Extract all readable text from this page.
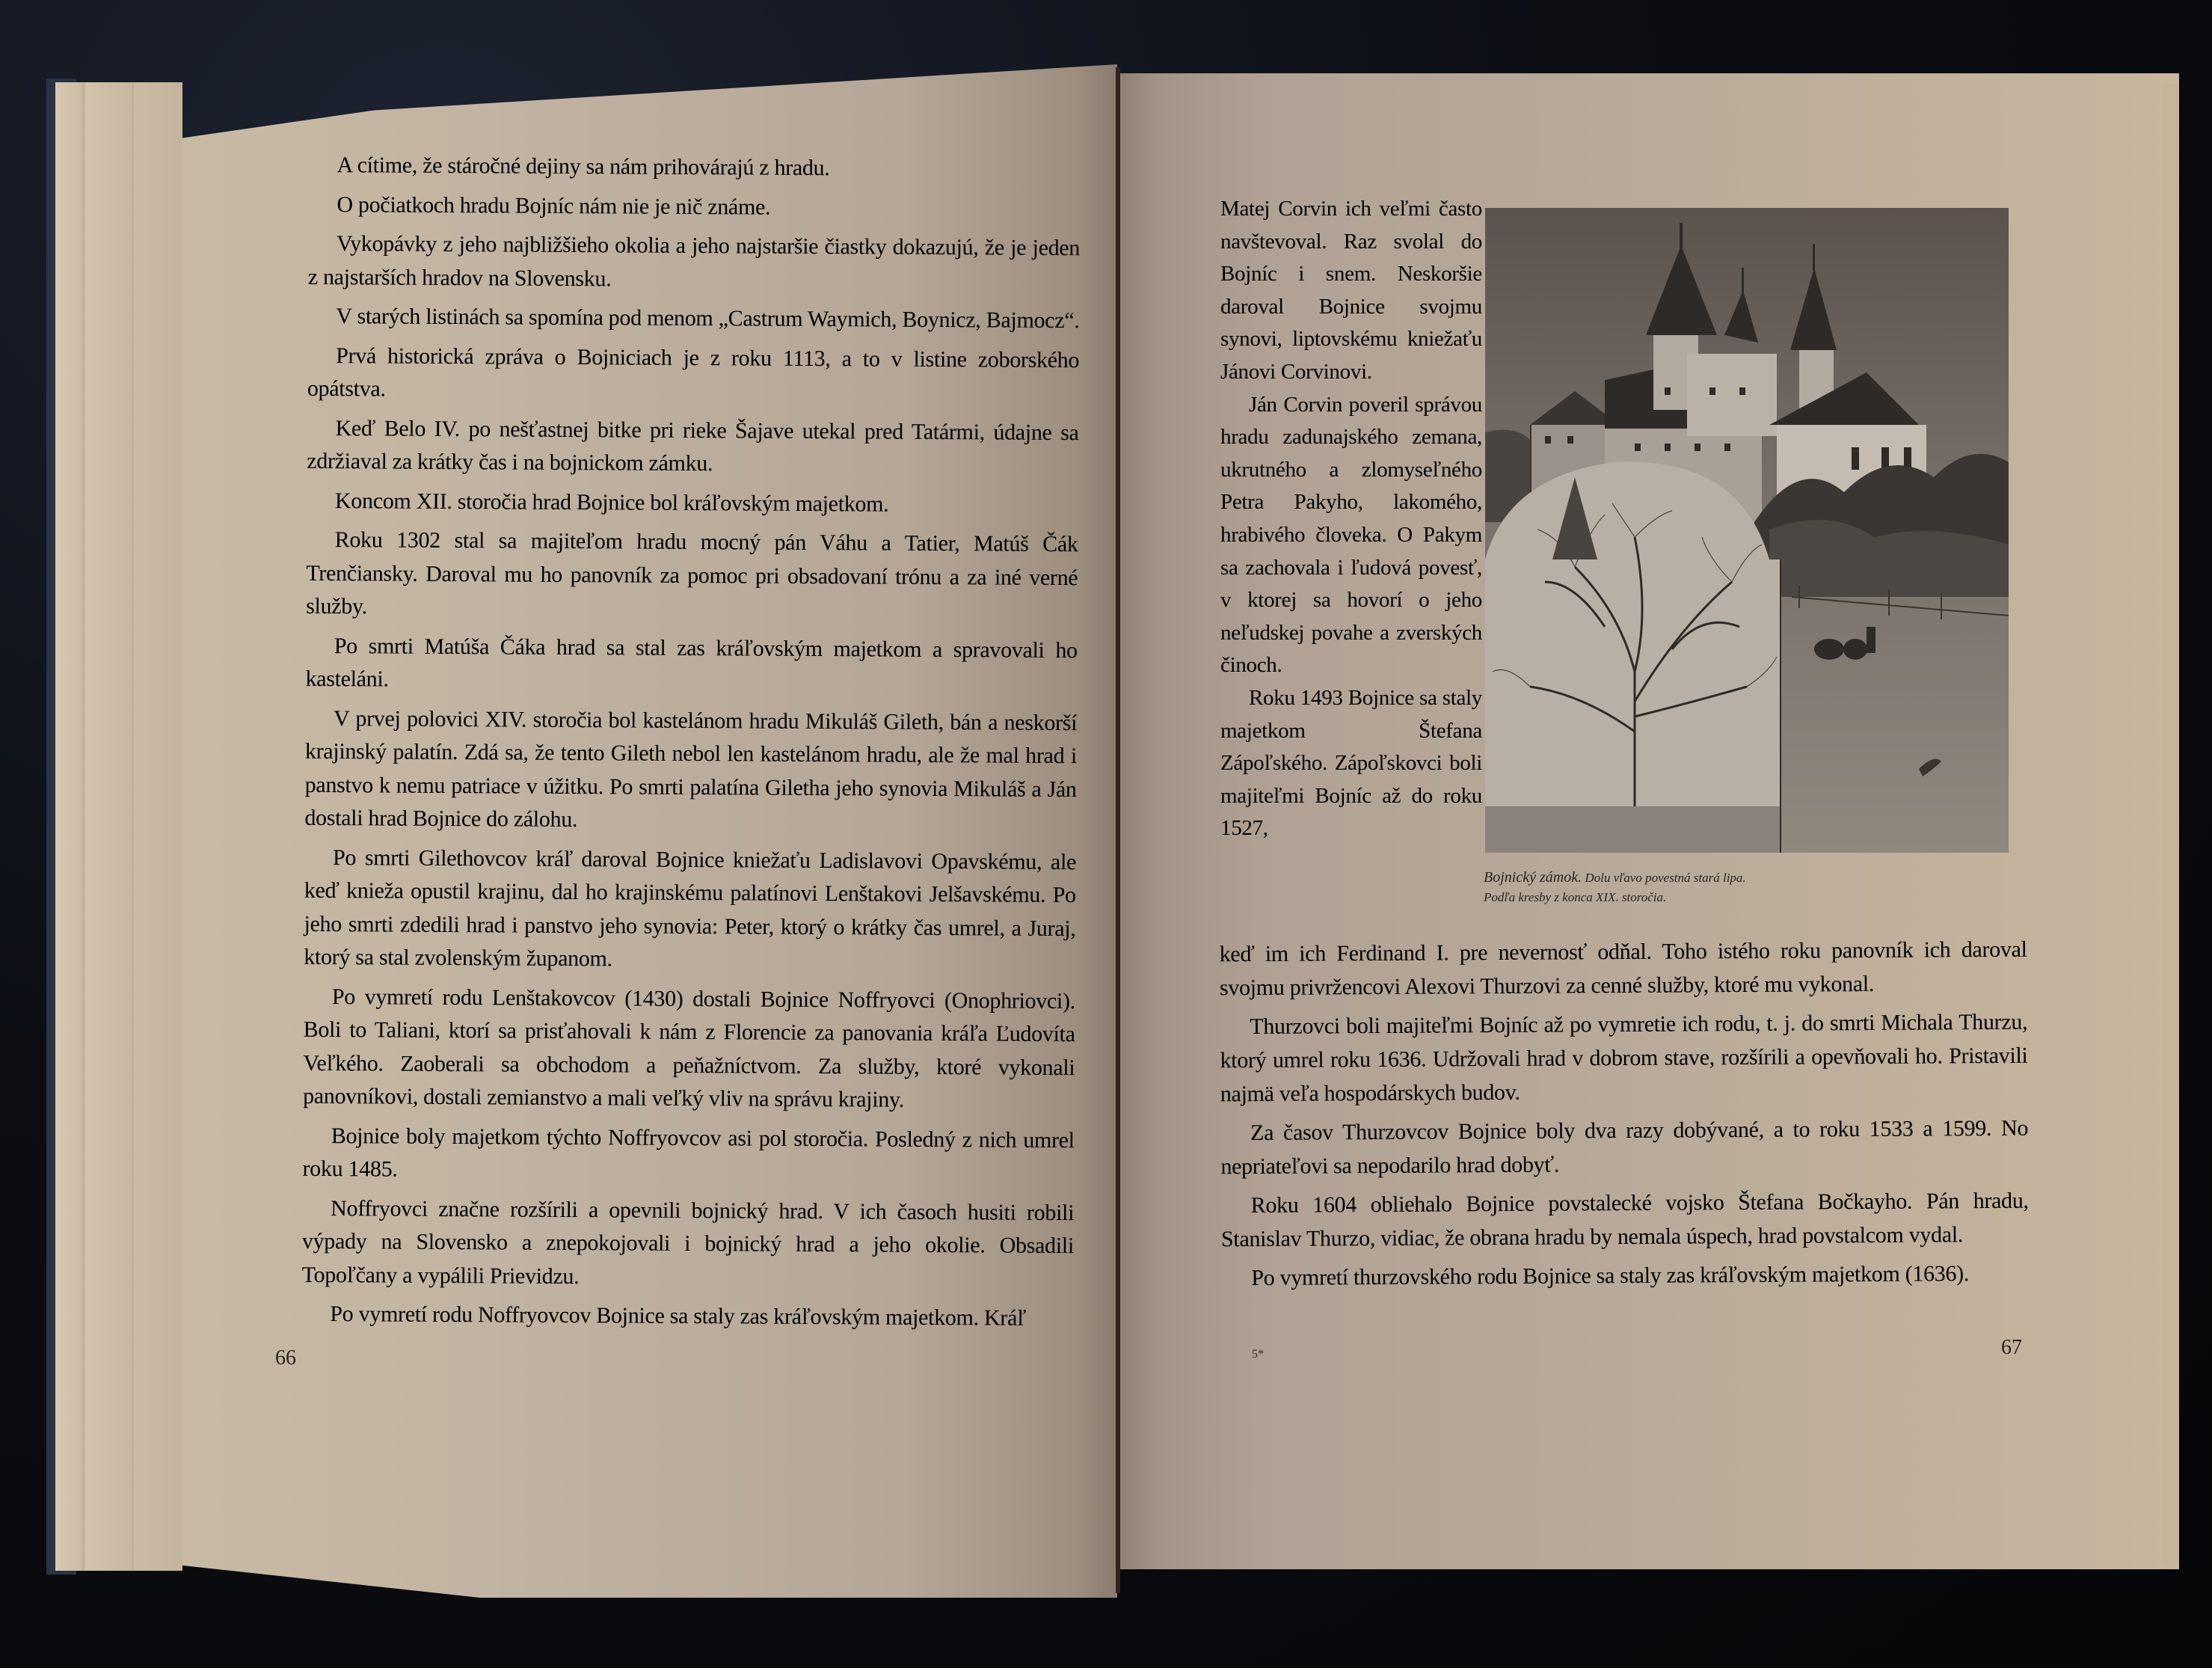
A cítime, že stáročné dejiny sa nám prihovárajú z hradu.

O počiatkoch hradu Bojníc nám nie je nič známe.

Vykopávky z jeho najbližšieho okolia a jeho najstaršie čiastky dokazujú, že je jeden z najstarších hradov na Slovensku.

V starých listinách sa spomína pod menom „Castrum Waymich, Boynicz, Bajmocz“.

Prvá historická zpráva o Bojniciach je z roku 1113, a to v listine zoborského opátstva.

Keď Belo IV. po nešťastnej bitke pri rieke Šajave utekal pred Tatármi, údajne sa zdržiaval za krátky čas i na bojnickom zámku.

Koncom XII. storočia hrad Bojnice bol kráľovským majetkom.

Roku 1302 stal sa majiteľom hradu mocný pán Váhu a Tatier, Matúš Čák Trenčiansky. Daroval mu ho panovník za pomoc pri obsadovaní trónu a za iné verné služby.

Po smrti Matúša Čáka hrad sa stal zas kráľovským majetkom a spravovali ho kasteláni.

V prvej polovici XIV. storočia bol kastelánom hradu Mikuláš Gileth, bán a neskorší krajinský palatín. Zdá sa, že tento Gileth nebol len kastelánom hradu, ale že mal hrad i panstvo k nemu patriace v úžitku. Po smrti palatína Giletha jeho synovia Mikuláš a Ján dostali hrad Bojnice do zálohu.

Po smrti Gilethovcov kráľ daroval Bojnice kniežaťu Ladislavovi Opavskému, ale keď knieža opustil krajinu, dal ho krajinskému palatínovi Lenštakovi Jelšavskému. Po jeho smrti zdedili hrad i panstvo jeho synovia: Peter, ktorý o krátky čas umrel, a Juraj, ktorý sa stal zvolenským županom.

Po vymretí rodu Lenštakovcov (1430) dostali Bojnice Noffryovci (Onophriovci). Boli to Taliani, ktorí sa prisťahovali k nám z Florencie za panovania kráľa Ľudovíta Veľkého. Zaoberali sa obchodom a peňažníctvom. Za služby, ktoré vykonali panovníkovi, dostali zemianstvo a mali veľký vliv na správu krajiny.

Bojnice boly majetkom týchto Noffryovcov asi pol storočia. Posledný z nich umrel roku 1485.

Noffryovci značne rozšírili a opevnili bojnický hrad. V ich časoch husiti robili výpady na Slovensko a znepokojovali i bojnický hrad a jeho okolie. Obsadili Topoľčany a vypálili Prievidzu.

Po vymretí rodu Noffryovcov Bojnice sa staly zas kráľovským majetkom. Kráľ

66

Matej Corvin ich veľmi často navštevoval. Raz svolal do Bojníc i snem. Neskoršie daroval Bojnice svojmu synovi, liptovskému kniežaťu Jánovi Corvinovi.

Ján Corvin poveril správou hradu zadunajského zemana, ukrutného a zlomyseľného Petra Pakyho, lakomého, hrabivého človeka. O Pakym sa zachovala i ľudová povesť, v ktorej sa hovorí o jeho neľudskej povahe a zverských činoch.

Roku 1493 Bojnice sa staly majetkom Štefana Zápoľského. Zápoľskovci boli majiteľmi Bojníc až do roku 1527,

Bojnický zámok. Dolu vľavo povestná stará lipa.
Podľa kresby z konca XIX. storočia.

keď im ich Ferdinand I. pre nevernosť odňal. Toho istého roku panovník ich daroval svojmu privržencovi Alexovi Thurzovi za cenné služby, ktoré mu vykonal.

Thurzovci boli majiteľmi Bojníc až po vymretie ich rodu, t. j. do smrti Michala Thurzu, ktorý umrel roku 1636. Udržovali hrad v dobrom stave, rozšírili a opevňovali ho. Pristavili najmä veľa hospodárskych budov.

Za časov Thurzovcov Bojnice boly dva razy dobývané, a to roku 1533 a 1599. No nepriateľovi sa nepodarilo hrad dobyť.

Roku 1604 obliehalo Bojnice povstalecké vojsko Štefana Bočkayho. Pán hradu, Stanislav Thurzo, vidiac, že obrana hradu by nemala úspech, hrad povstalcom vydal.

Po vymretí thurzovského rodu Bojnice sa staly zas kráľovským majetkom (1636).

5*	67
